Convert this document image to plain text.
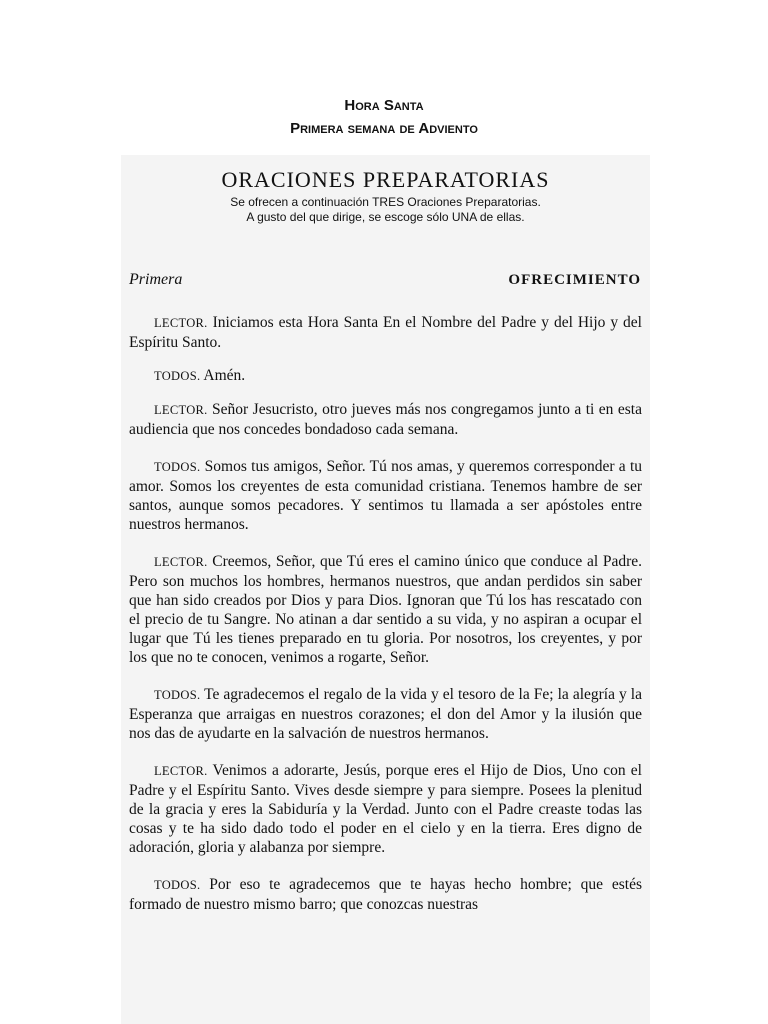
Hora Santa
Primera semana de Adviento
ORACIONES PREPARATORIAS
Se ofrecen a continuación TRES Oraciones Preparatorias.
A gusto del que dirige, se escoge sólo UNA de ellas.
Primera	OFRECIMIENTO

LECTOR. Iniciamos esta Hora Santa En el Nombre del Padre y del Hijo y del Espíritu Santo.

TODOS. Amén.

LECTOR. Señor Jesucristo, otro jueves más nos congregamos junto a ti en esta audiencia que nos concedes bondadoso cada semana.

TODOS. Somos tus amigos, Señor. Tú nos amas, y queremos corresponder a tu amor. Somos los creyentes de esta comunidad cristiana. Tenemos hambre de ser santos, aunque somos pecadores. Y sentimos tu llamada a ser apóstoles entre nuestros hermanos.

LECTOR. Creemos, Señor, que Tú eres el camino único que conduce al Padre. Pero son muchos los hombres, hermanos nuestros, que andan perdidos sin saber que han sido creados por Dios y para Dios. Ignoran que Tú los has rescatado con el precio de tu Sangre. No atinan a dar sentido a su vida, y no aspiran a ocupar el lugar que Tú les tienes preparado en tu gloria. Por nosotros, los creyentes, y por los que no te conocen, venimos a rogarte, Señor.

TODOS. Te agradecemos el regalo de la vida y el tesoro de la Fe; la alegría y la Esperanza que arraigas en nuestros corazones; el don del Amor y la ilusión que nos das de ayudarte en la salvación de nuestros hermanos.

LECTOR. Venimos a adorarte, Jesús, porque eres el Hijo de Dios, Uno con el Padre y el Espíritu Santo. Vives desde siempre y para siempre. Posees la plenitud de la gracia y eres la Sabiduría y la Verdad. Junto con el Padre creaste todas las cosas y te ha sido dado todo el poder en el cielo y en la tierra. Eres digno de adoración, gloria y alabanza por siempre.

TODOS. Por eso te agradecemos que te hayas hecho hombre; que estés formado de nuestro mismo barro; que conozcas nuestras
